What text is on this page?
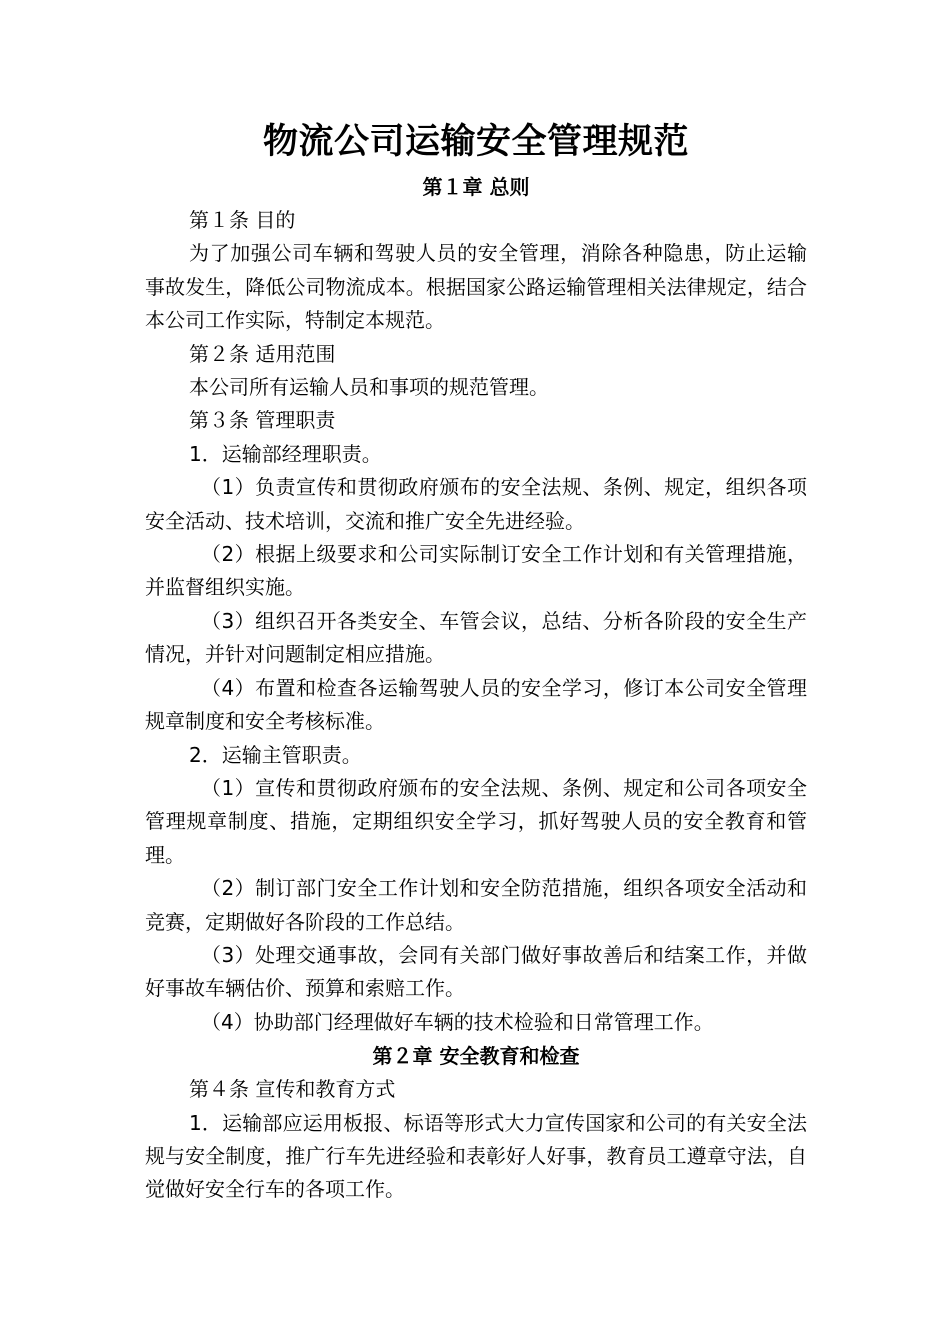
物流公司运输安全管理规范
第１章 总则

第１条 目的

为了加强公司车辆和驾驶人员的安全管理，消除各种隐患，防止运输事故发生，降低公司物流成本。根据国家公路运输管理相关法律规定，结合本公司工作实际，特制定本规范。

第２条 适用范围

本公司所有运输人员和事项的规范管理。

第３条 管理职责

1．运输部经理职责。

（1）负责宣传和贯彻政府颁布的安全法规、条例、规定，组织各项安全活动、技术培训，交流和推广安全先进经验。

（2）根据上级要求和公司实际制订安全工作计划和有关管理措施，并监督组织实施。

（3）组织召开各类安全、车管会议，总结、分析各阶段的安全生产情况，并针对问题制定相应措施。

（4）布置和检查各运输驾驶人员的安全学习，修订本公司安全管理规章制度和安全考核标准。

2．运输主管职责。

（1）宣传和贯彻政府颁布的安全法规、条例、规定和公司各项安全管理规章制度、措施，定期组织安全学习，抓好驾驶人员的安全教育和管理。

（2）制订部门安全工作计划和安全防范措施，组织各项安全活动和竞赛，定期做好各阶段的工作总结。

（3）处理交通事故，会同有关部门做好事故善后和结案工作，并做好事故车辆估价、预算和索赔工作。

（4）协助部门经理做好车辆的技术检验和日常管理工作。

第２章 安全教育和检查

第４条 宣传和教育方式

1．运输部应运用板报、标语等形式大力宣传国家和公司的有关安全法规与安全制度，推广行车先进经验和表彰好人好事，教育员工遵章守法，自觉做好安全行车的各项工作。
